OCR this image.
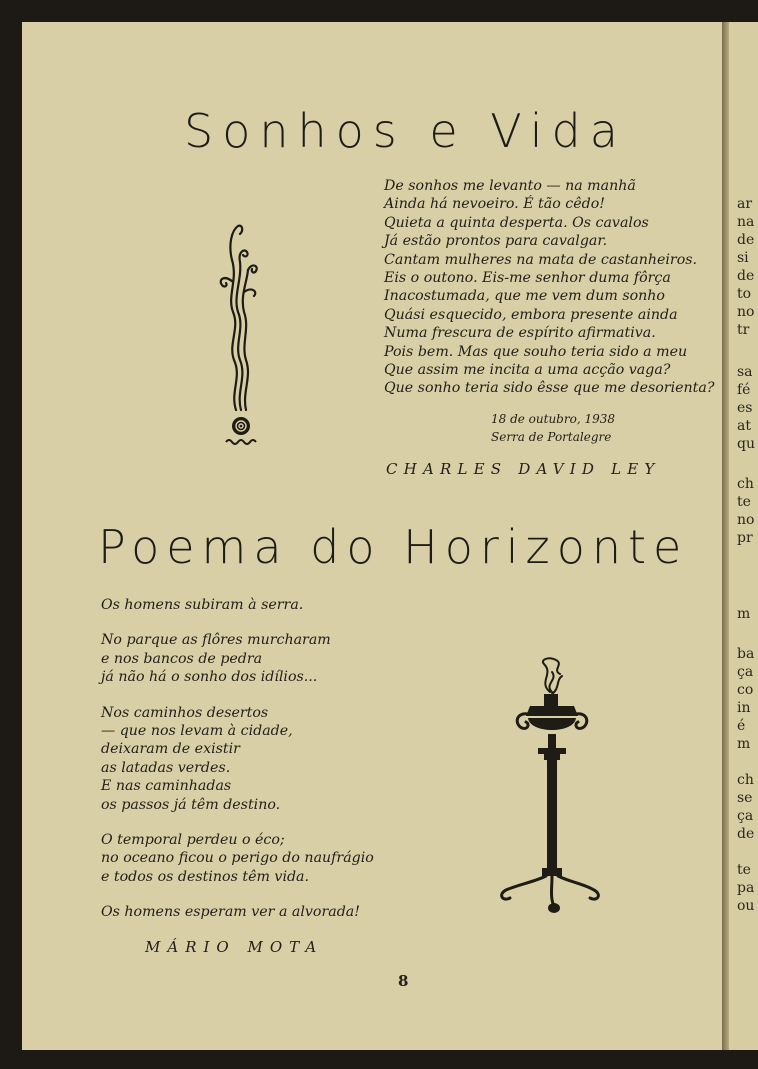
ar
na
de
si
de
to
no
tr
sa
fé
es
at
qu
ch
te
no
pr
m
ba
ça
co
in
é
m
ch
se
ça
de
te
pa
ou
Sonhos e Vida
De sonhos me levanto — na manhã
Ainda há nevoeiro. É tão cêdo!
Quieta a quinta desperta. Os cavalos
Já estão prontos para cavalgar.
Cantam mulheres na mata de castanheiros.
Eis o outono. Eis-me senhor duma fôrça
Inacostumada, que me vem dum sonho
Quási esquecido, embora presente ainda
Numa frescura de espírito afirmativa.
Pois bem. Mas que souho teria sido a meu
Que assim me incita a uma acção vaga?
Que sonho teria sido êsse que me desorienta?
18 de outubro, 1938
Serra de Portalegre
CHARLES DAVID LEY
Poema do Horizonte
Os homens subiram à serra.
No parque as flôres murcharam
e nos bancos de pedra
já não há o sonho dos idílios...
Nos caminhos desertos
— que nos levam à cidade,
deixaram de existir
as latadas verdes.
E nas caminhadas
os passos já têm destino.
O temporal perdeu o éco;
no oceano ficou o perigo do naufrágio
e todos os destinos têm vida.
Os homens esperam ver a alvorada!
MÁRIO MOTA
8
